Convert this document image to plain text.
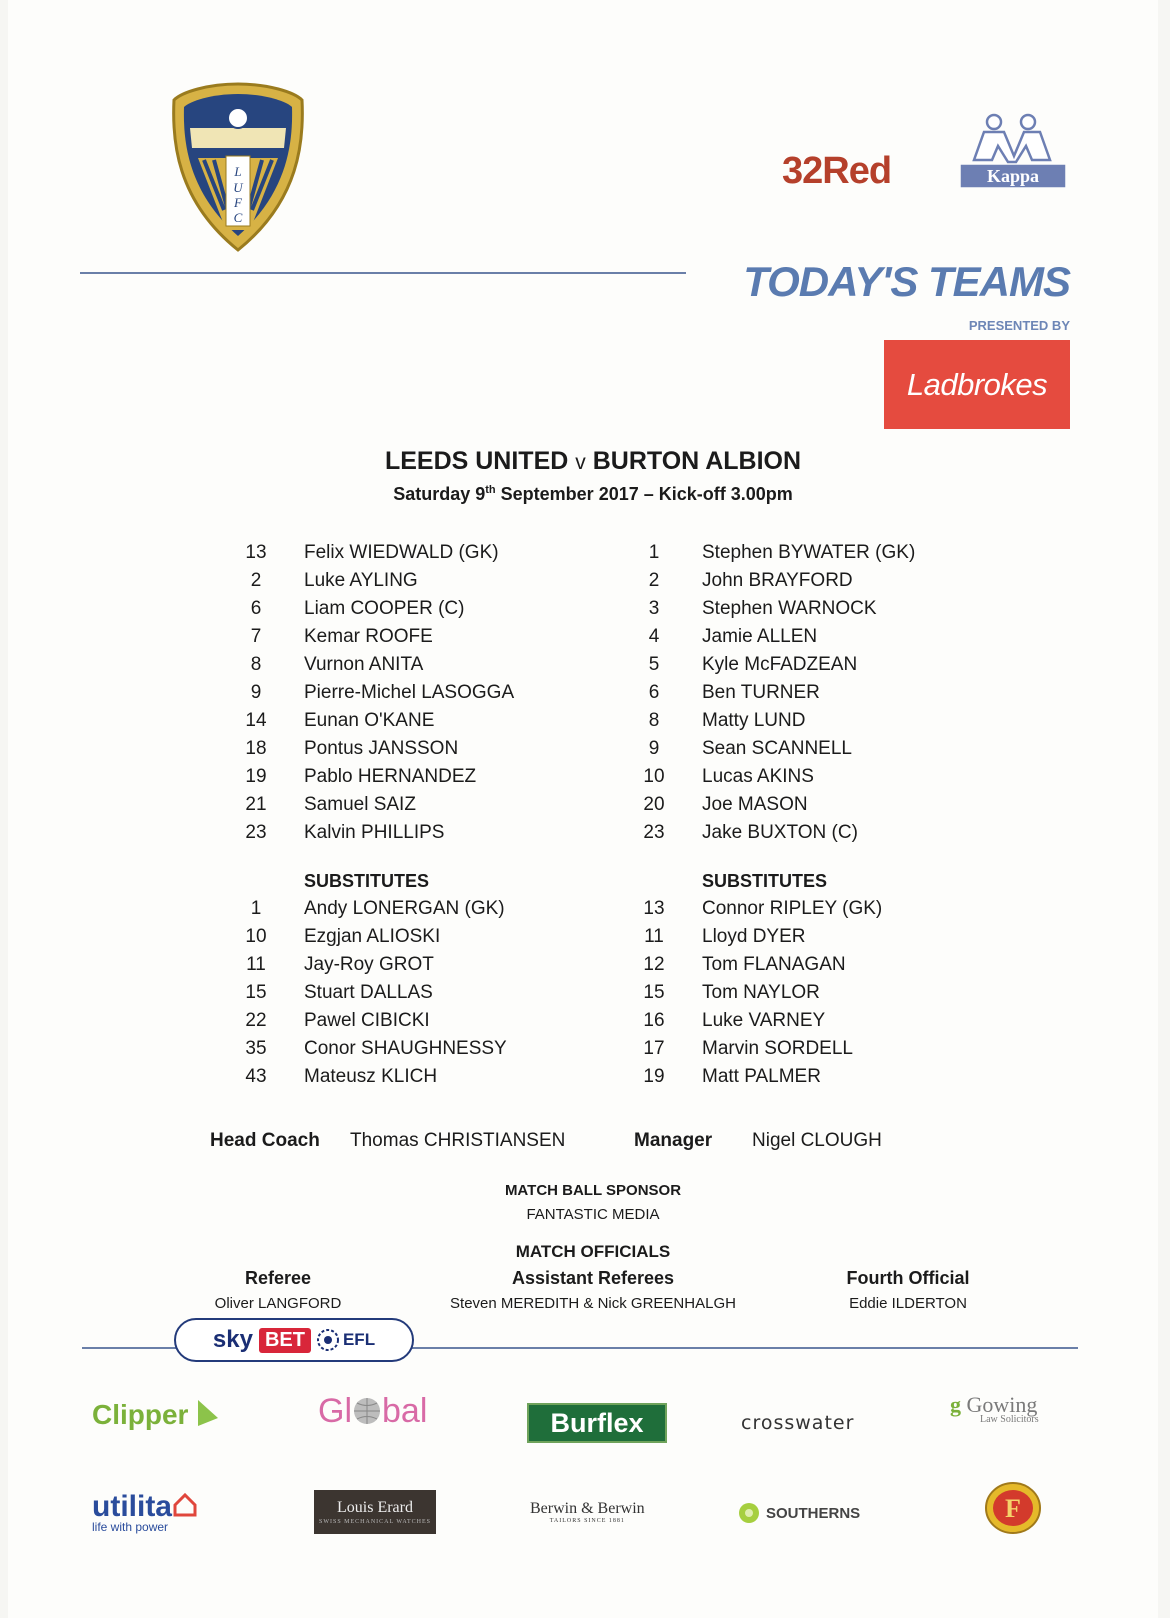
L
U
F
C
32Red	Kappa
TODAY'S TEAMS
PRESENTED BY
Ladbrokes
LEEDS UNITED v BURTON ALBION
Saturday 9th September 2017 – Kick-off 3.00pm
13	Felix WIEDWALD (GK)
2	Luke AYLING
6	Liam COOPER (C)
7	Kemar ROOFE
8	Vurnon ANITA
9	Pierre-Michel LASOGGA
14	Eunan O'KANE
18	Pontus JANSSON
19	Pablo HERNANDEZ
21	Samuel SAIZ
23	Kalvin PHILLIPS
SUBSTITUTES
1	Andy LONERGAN (GK)
10	Ezgjan ALIOSKI
11	Jay-Roy GROT
15	Stuart DALLAS
22	Pawel CIBICKI
35	Conor SHAUGHNESSY
43	Mateusz KLICH
1	Stephen BYWATER (GK)
2	John BRAYFORD
3	Stephen WARNOCK
4	Jamie ALLEN
5	Kyle McFADZEAN
6	Ben TURNER
8	Matty LUND
9	Sean SCANNELL
10	Lucas AKINS
20	Joe MASON
23	Jake BUXTON (C)
SUBSTITUTES
13	Connor RIPLEY (GK)
11	Lloyd DYER
12	Tom FLANAGAN
15	Tom NAYLOR
16	Luke VARNEY
17	Marvin SORDELL
19	Matt PALMER
Head Coach Thomas CHRISTIANSEN	Manager Nigel CLOUGH
MATCH BALL SPONSOR
FANTASTIC MEDIA
MATCH OFFICIALS
Referee
Oliver LANGFORD
Assistant Referees
Steven MEREDITH & Nick GREENHALGH
Fourth Official
Eddie ILDERTON
sky BET	EFL
Clipper	Gl bal	Burflex	crosswater
g Gowing
Law Solicitors
utilita
life with power
Louis Erard
SWISS MECHANICAL WATCHES
Berwin & Berwin
TAILORS SINCE 1881	SOUTHERNS	F
